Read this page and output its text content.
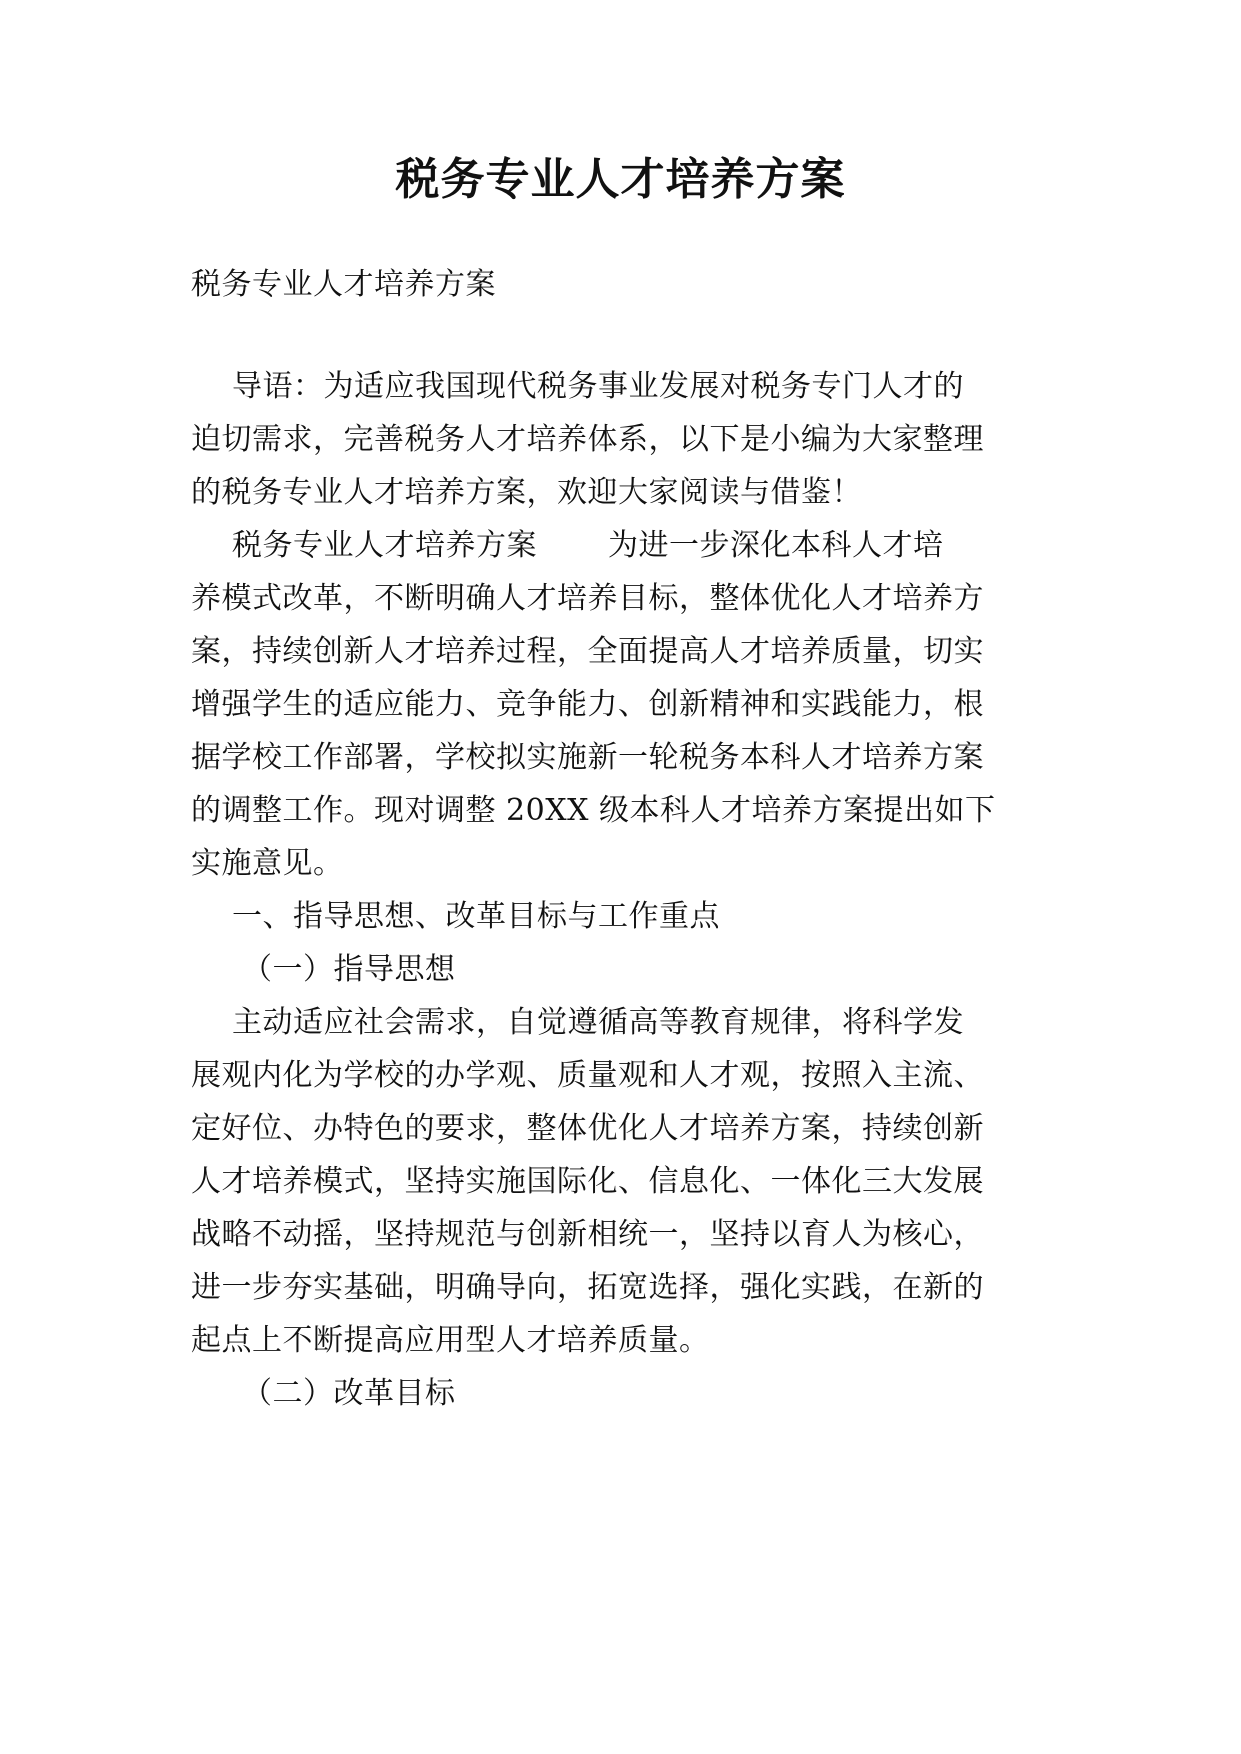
税务专业人才培养方案
税务专业人才培养方案
导语：为适应我国现代税务事业发展对税务专门人才的
迫切需求，完善税务人才培养体系，以下是小编为大家整理
的税务专业人才培养方案，欢迎大家阅读与借鉴！
税务专业人才培养方案 　　为进一步深化本科人才培
养模式改革，不断明确人才培养目标，整体优化人才培养方
案，持续创新人才培养过程，全面提高人才培养质量，切实
增强学生的适应能力、竞争能力、创新精神和实践能力，根
据学校工作部署，学校拟实施新一轮税务本科人才培养方案
的调整工作。现对调整 20XX 级本科人才培养方案提出如下
实施意见。
一、指导思想、改革目标与工作重点
（一）指导思想
主动适应社会需求，自觉遵循高等教育规律，将科学发
展观内化为学校的办学观、质量观和人才观，按照入主流、
定好位、办特色的要求，整体优化人才培养方案，持续创新
人才培养模式，坚持实施国际化、信息化、一体化三大发展
战略不动摇，坚持规范与创新相统一，坚持以育人为核心，
进一步夯实基础，明确导向，拓宽选择，强化实践，在新的
起点上不断提高应用型人才培养质量。
（二）改革目标
